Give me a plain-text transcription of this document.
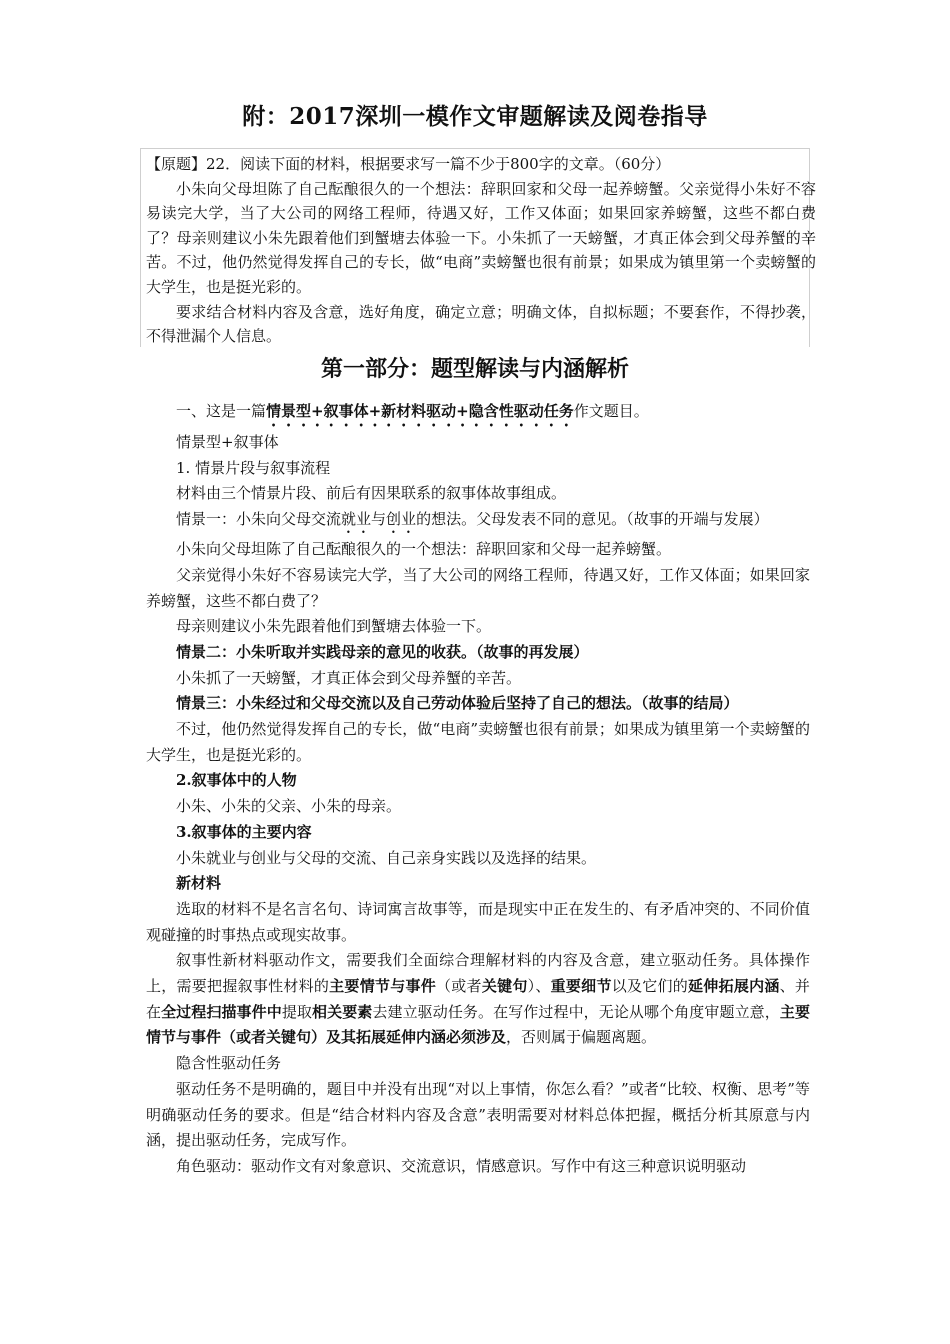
附：2017深圳一模作文审题解读及阅卷指导

【原题】22．阅读下面的材料，根据要求写一篇不少于800字的文章。（60分）

小朱向父母坦陈了自己酝酿很久的一个想法：辞职回家和父母一起养螃蟹。父亲觉得小朱好不容易读完大学，当了大公司的网络工程师，待遇又好，工作又体面；如果回家养螃蟹，这些不都白费了？母亲则建议小朱先跟着他们到蟹塘去体验一下。小朱抓了一天螃蟹，才真正体会到父母养蟹的辛苦。不过，他仍然觉得发挥自己的专长，做“电商”卖螃蟹也很有前景；如果成为镇里第一个卖螃蟹的大学生，也是挺光彩的。

要求结合材料内容及含意，选好角度，确定立意；明确文体，自拟标题；不要套作，不得抄袭，不得泄漏个人信息。

第一部分：题型解读与内涵解析

一、这是一篇情景型+叙事体+新材料驱动+隐含性驱动任务作文题目。

情景型+叙事体

1. 情景片段与叙事流程

材料由三个情景片段、前后有因果联系的叙事体故事组成。

情景一：小朱向父母交流就业与创业的想法。父母发表不同的意见。（故事的开端与发展）

小朱向父母坦陈了自己酝酿很久的一个想法：辞职回家和父母一起养螃蟹。

父亲觉得小朱好不容易读完大学，当了大公司的网络工程师，待遇又好，工作又体面；如果回家养螃蟹，这些不都白费了？

母亲则建议小朱先跟着他们到蟹塘去体验一下。

情景二：小朱听取并实践母亲的意见的收获。（故事的再发展）

小朱抓了一天螃蟹，才真正体会到父母养蟹的辛苦。

情景三：小朱经过和父母交流以及自己劳动体验后坚持了自己的想法。（故事的结局）

不过，他仍然觉得发挥自己的专长，做“电商”卖螃蟹也很有前景；如果成为镇里第一个卖螃蟹的大学生，也是挺光彩的。

2.叙事体中的人物

小朱、小朱的父亲、小朱的母亲。

3.叙事体的主要内容

小朱就业与创业与父母的交流、自己亲身实践以及选择的结果。

新材料

选取的材料不是名言名句、诗词寓言故事等，而是现实中正在发生的、有矛盾冲突的、不同价值观碰撞的时事热点或现实故事。

叙事性新材料驱动作文，需要我们全面综合理解材料的内容及含意，建立驱动任务。具体操作上，需要把握叙事性材料的主要情节与事件（或者关键句）、重要细节以及它们的延伸拓展内涵、并在全过程扫描事件中提取相关要素去建立驱动任务。在写作过程中，无论从哪个角度审题立意，主要情节与事件（或者关键句）及其拓展延伸内涵必须涉及，否则属于偏题离题。

隐含性驱动任务

驱动任务不是明确的，题目中并没有出现“对以上事情，你怎么看？”或者“比较、权衡、思考”等明确驱动任务的要求。但是“结合材料内容及含意”表明需要对材料总体把握，概括分析其原意与内涵，提出驱动任务，完成写作。

角色驱动：驱动作文有对象意识、交流意识，情感意识。写作中有这三种意识说明驱动
